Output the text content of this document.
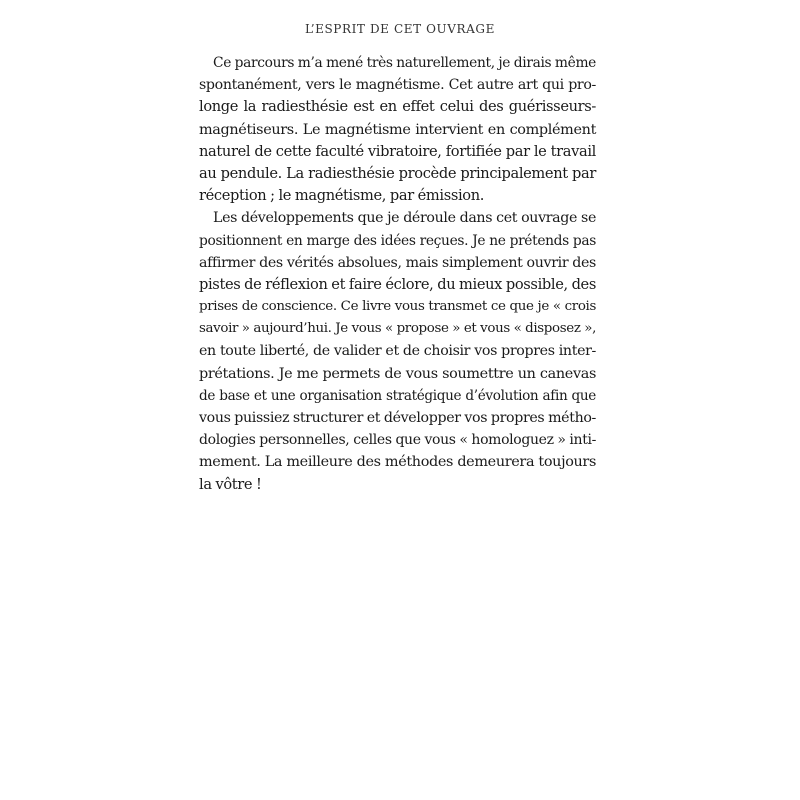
L’ESPRIT DE CET OUVRAGE
Ce parcours m’a mené très naturellement, je dirais même
spontanément, vers le magnétisme. Cet autre art qui pro-
longe la radiesthésie est en effet celui des guérisseurs-
magnétiseurs. Le magnétisme intervient en complément
naturel de cette faculté vibratoire, fortifiée par le travail
au pendule. La radiesthésie procède principalement par
réception ; le magnétisme, par émission.
Les développements que je déroule dans cet ouvrage se
positionnent en marge des idées reçues. Je ne prétends pas
affirmer des vérités absolues, mais simplement ouvrir des
pistes de réflexion et faire éclore, du mieux possible, des
prises de conscience. Ce livre vous transmet ce que je « crois
savoir » aujourd’hui. Je vous « propose » et vous « disposez »,
en toute liberté, de valider et de choisir vos propres inter-
prétations. Je me permets de vous soumettre un canevas
de base et une organisation stratégique d’évolution afin que
vous puissiez structurer et développer vos propres métho-
dologies personnelles, celles que vous « homologuez » inti-
mement. La meilleure des méthodes demeurera toujours
la vôtre !
